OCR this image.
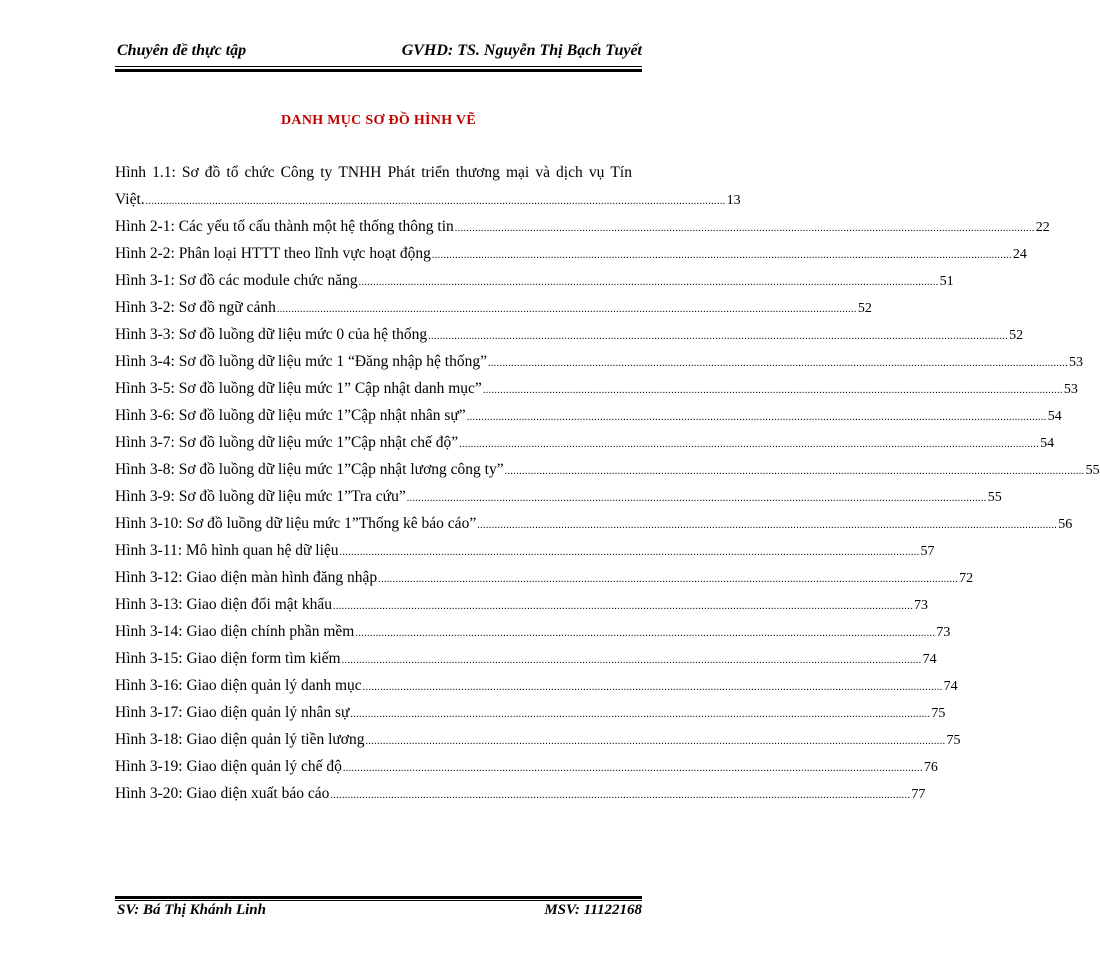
Chuyên đề thực tập	GVHD: TS. Nguyễn Thị Bạch Tuyết
DANH MỤC SƠ ĐỒ HÌNH VẼ
Hình 1.1: Sơ đồ tổ chức Công ty TNHH Phát triển thương mại và dịch vụ Tín
Việt. ........................................................................................................................................................................................................ 13
Hình 2-1: Các yếu tố cấu thành một hệ thống thông tin ........................................................................................................................................................................................................ 22
Hình 2-2: Phân loại HTTT theo lĩnh vực hoạt động ........................................................................................................................................................................................................ 24
Hình 3-1: Sơ đồ các module chức năng ........................................................................................................................................................................................................ 51
Hình 3-2: Sơ đồ ngữ cảnh ........................................................................................................................................................................................................ 52
Hình 3-3: Sơ đồ luồng dữ liệu mức 0 của hệ thống ........................................................................................................................................................................................................ 52
Hình 3-4: Sơ đồ luồng dữ liệu mức 1 “Đăng nhập hệ thống” ........................................................................................................................................................................................................ 53
Hình 3-5: Sơ đồ luồng dữ liệu mức 1” Cập nhật danh mục” ........................................................................................................................................................................................................ 53
Hình 3-6: Sơ đồ luồng dữ liệu mức 1”Cập nhật nhân sự” ........................................................................................................................................................................................................ 54
Hình 3-7: Sơ đồ luồng dữ liệu mức 1”Cập nhật chế độ” ........................................................................................................................................................................................................ 54
Hình 3-8: Sơ đồ luồng dữ liệu mức 1”Cập nhật lương công ty” ........................................................................................................................................................................................................ 55
Hình 3-9: Sơ đồ luồng dữ liệu mức 1”Tra cứu” ........................................................................................................................................................................................................ 55
Hình 3-10: Sơ đồ luồng dữ liệu mức 1”Thống kê báo cáo” ........................................................................................................................................................................................................ 56
Hình 3-11: Mô hình quan hệ dữ liệu ........................................................................................................................................................................................................ 57
Hình 3-12: Giao diện màn hình đăng nhập ........................................................................................................................................................................................................ 72
Hình 3-13: Giao diện đổi mật khẩu ........................................................................................................................................................................................................ 73
Hình 3-14: Giao diện chính phần mềm ........................................................................................................................................................................................................ 73
Hình 3-15: Giao diện form tìm kiếm ........................................................................................................................................................................................................ 74
Hình 3-16: Giao diện quản lý danh mục ........................................................................................................................................................................................................ 74
Hình 3-17: Giao diện quản lý nhân sự ........................................................................................................................................................................................................ 75
Hình 3-18: Giao diện quản lý tiền lương ........................................................................................................................................................................................................ 75
Hình 3-19: Giao diện quản lý chế độ ........................................................................................................................................................................................................ 76
Hình 3-20: Giao diện xuất báo cáo ........................................................................................................................................................................................................ 77
SV: Bá Thị Khánh Linh	MSV: 11122168
